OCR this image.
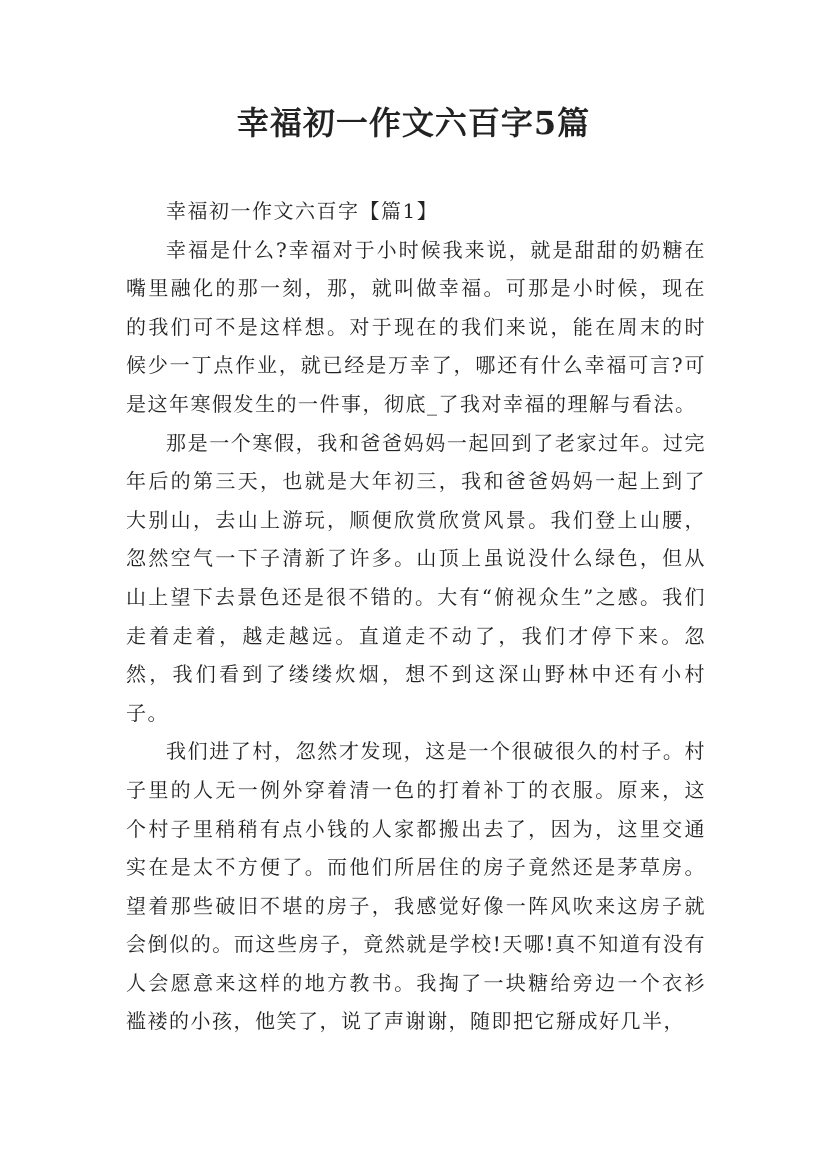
幸福初一作文六百字5篇

幸福初一作文六百字【篇1】

幸福是什么?幸福对于小时候我来说，就是甜甜的奶糖在嘴里融化的那一刻，那，就叫做幸福。可那是小时候，现在的我们可不是这样想。对于现在的我们来说，能在周末的时候少一丁点作业，就已经是万幸了，哪还有什么幸福可言?可是这年寒假发生的一件事，彻底_了我对幸福的理解与看法。

那是一个寒假，我和爸爸妈妈一起回到了老家过年。过完年后的第三天，也就是大年初三，我和爸爸妈妈一起上到了大别山，去山上游玩，顺便欣赏欣赏风景。我们登上山腰，忽然空气一下子清新了许多。山顶上虽说没什么绿色，但从山上望下去景色还是很不错的。大有“俯视众生”之感。我们走着走着，越走越远。直道走不动了，我们才停下来。忽然，我们看到了缕缕炊烟，想不到这深山野林中还有小村子。

我们进了村，忽然才发现，这是一个很破很久的村子。村子里的人无一例外穿着清一色的打着补丁的衣服。原来，这个村子里稍稍有点小钱的人家都搬出去了，因为，这里交通实在是太不方便了。而他们所居住的房子竟然还是茅草房。望着那些破旧不堪的房子，我感觉好像一阵风吹来这房子就会倒似的。而这些房子，竟然就是学校!天哪!真不知道有没有人会愿意来这样的地方教书。我掏了一块糖给旁边一个衣衫褴褛的小孩，他笑了，说了声谢谢，随即把它掰成好几半，
